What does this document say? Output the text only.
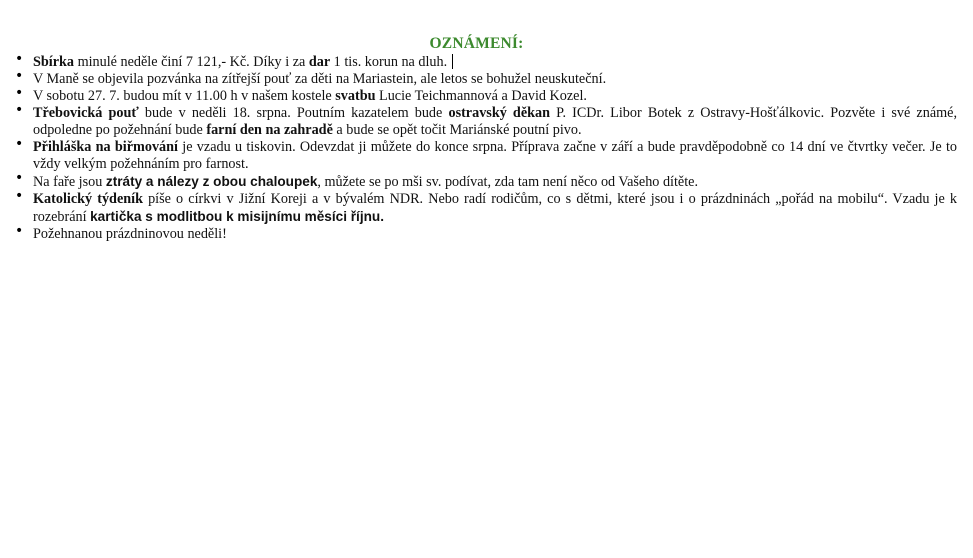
OZNÁMENÍ:
• Sbírka minulé neděle činí 7 121,- Kč. Díky i za dar 1 tis. korun na dluh.
• V Maně se objevila pozvánka na zítřejší pouť za děti na Mariastein, ale letos se bohužel neuskuteční.
• V sobotu 27. 7. budou mít v 11.00 h v našem kostele svatbu Lucie Teichmannová a David Kozel.
• Třebovická pouť bude v neděli 18. srpna. Poutním kazatelem bude ostravský děkan P. ICDr. Libor Botek z Ostravy-Hošťálkovic. Pozvěte i své známé, odpoledne po požehnání bude farní den na zahradě a bude se opět točit Mariánské poutní pivo.
• Přihláška na biřmování je vzadu u tiskovin. Odevzdat ji můžete do konce srpna. Příprava začne v září a bude pravděpodobně co 14 dní ve čtvrtky večer. Je to vždy velkým požehnáním pro farnost.
• Na faře jsou ztráty a nálezy z obou chaloupek, můžete se po mši sv. podívat, zda tam není něco od Vašeho dítěte.
• Katolický týdeník píše o církvi v Jižní Koreji a v bývalém NDR. Nebo radí rodičům, co s dětmi, které jsou i o prázdninách „pořád na mobilu“. Vzadu je k rozebrání kartička s modlitbou k misijnímu měsíci říjnu.
• Požehnanou prázdninovou neděli!
